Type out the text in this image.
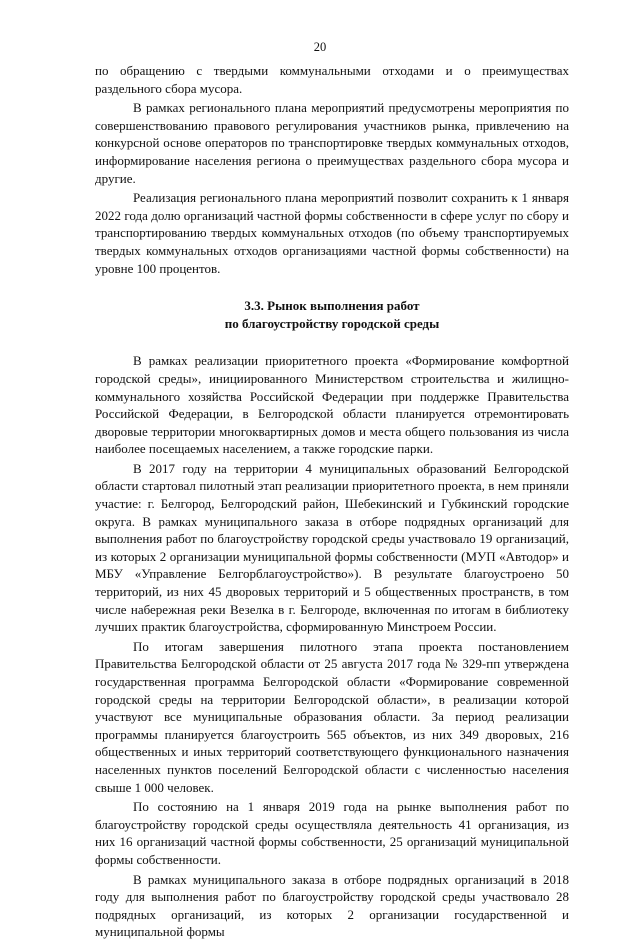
20

по обращению с твердыми коммунальными отходами и о преимуществах раздельного сбора мусора.

В рамках регионального плана мероприятий предусмотрены мероприятия по совершенствованию правового регулирования участников рынка, привлечению на конкурсной основе операторов по транспортировке твердых коммунальных отходов, информирование населения региона о преимуществах раздельного сбора мусора и другие.

Реализация регионального плана мероприятий позволит сохранить к 1 января 2022 года долю организаций частной формы собственности в сфере услуг по сбору и транспортированию твердых коммунальных отходов (по объему транспортируемых твердых коммунальных отходов организациями частной формы собственности) на уровне 100 процентов.

3.3. Рынок выполнения работ
по благоустройству городской среды

В рамках реализации приоритетного проекта «Формирование комфортной городской среды», инициированного Министерством строительства и жилищно-коммунального хозяйства Российской Федерации при поддержке Правительства Российской Федерации, в Белгородской области планируется отремонтировать дворовые территории многоквартирных домов и места общего пользования из числа наиболее посещаемых населением, а также городские парки.

В 2017 году на территории 4 муниципальных образований Белгородской области стартовал пилотный этап реализации приоритетного проекта, в нем приняли участие: г. Белгород, Белгородский район, Шебекинский и Губкинский городские округа. В рамках муниципального заказа в отборе подрядных организаций для выполнения работ по благоустройству городской среды участвовало 19 организаций, из которых 2 организации муниципальной формы собственности (МУП «Автодор» и МБУ «Управление Белгорблагоустройство»). В результате благоустроено 50 территорий, из них 45 дворовых территорий и 5 общественных пространств, в том числе набережная реки Везелка в г. Белгороде, включенная по итогам в библиотеку лучших практик благоустройства, сформированную Минстроем России.

По итогам завершения пилотного этапа проекта постановлением Правительства Белгородской области от 25 августа 2017 года № 329-пп утверждена государственная программа Белгородской области «Формирование современной городской среды на территории Белгородской области», в реализации которой участвуют все муниципальные образования области. За период реализации программы планируется благоустроить 565 объектов, из них 349 дворовых, 216 общественных и иных территорий соответствующего функционального назначения населенных пунктов поселений Белгородской области с численностью населения свыше 1 000 человек.

По состоянию на 1 января 2019 года на рынке выполнения работ по благоустройству городской среды осуществляла деятельность 41 организация, из них 16 организаций частной формы собственности, 25 организаций муниципальной формы собственности.

В рамках муниципального заказа в отборе подрядных организаций в 2018 году для выполнения работ по благоустройству городской среды участвовало 28 подрядных организаций, из которых 2 организации государственной и муниципальной формы
